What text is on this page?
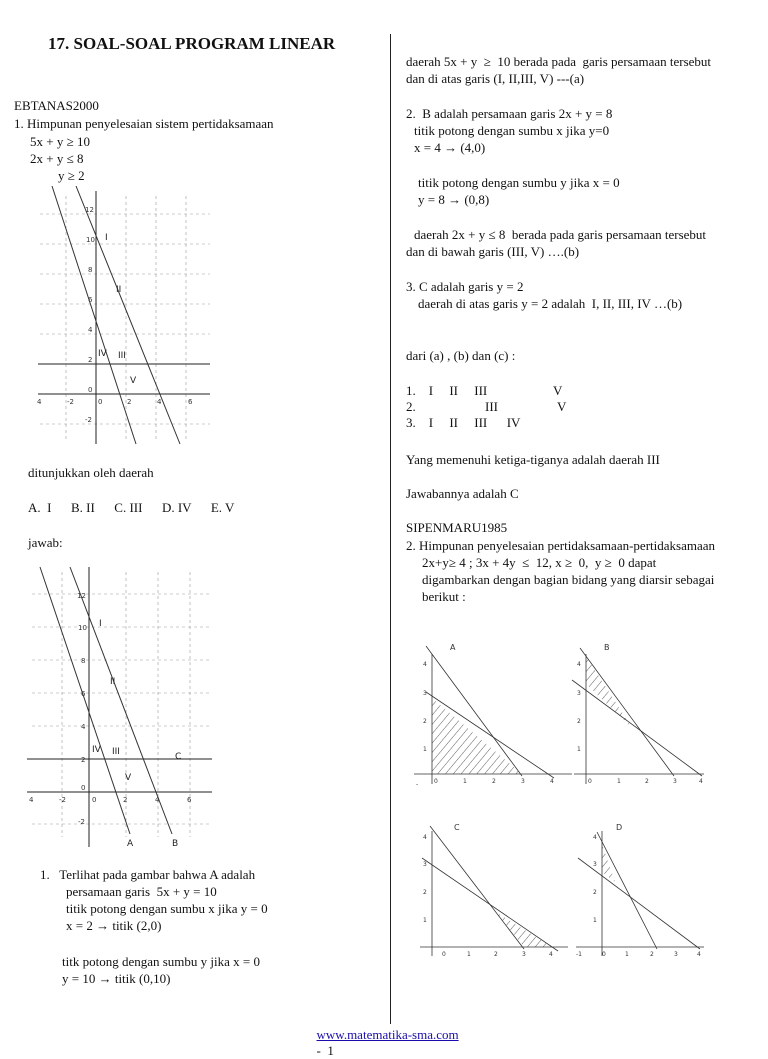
17. SOAL-SOAL PROGRAM LINEAR
EBTANAS2000
1. Himpunan penyelesaian sistem pertidaksamaan
5x + y ≥ 10
2x + y ≤ 8
y ≥ 2
4	-2	0	2	4	6
12
10
8
6
4
2
0
-2
I
II
IV III
V
ditunjukkan oleh daerah
A.  I      B. II      C. III      D. IV      E. V
jawab:
4	-2	0	2	4	6
12
10
8
6
4
2
0
-2
I
II
IV III
V
A	B
C
1.   Terlihat pada gambar bahwa A adalah
persamaan garis  5x + y = 10
titik potong dengan sumbu x jika y = 0
x = 2 → titik (2,0)
titk potong dengan sumbu y jika x = 0
y = 10 → titik (0,10)
daerah 5x + y  ≥  10 berada pada  garis persamaan tersebut
dan di atas garis (I, II,III, V) ---(a)
2.  B adalah persamaan garis 2x + y = 8
titik potong dengan sumbu x jika y=0
x = 4 → (4,0)
titik potong dengan sumbu y jika x = 0
y = 8 → (0,8)
daerah 2x + y ≤ 8  berada pada garis persamaan tersebut
dan di bawah garis (III, V) ….(b)
3. C adalah garis y = 2
daerah di atas garis y = 2 adalah  I, II, III, IV …(b)
dari (a) , (b) dan (c) :
1.    I     II     III	V
2.	III	V
3.    I     II     III      IV
Yang memenuhi ketiga-tiganya adalah daerah III
Jawabannya adalah C
SIPENMARU1985
2. Himpunan penyelesaian pertidaksamaan-pertidaksamaan
2x+y≥ 4 ; 3x + 4y  ≤  12, x ≥  0,  y ≥  0 dapat
digambarkan dengan bagian bidang yang diarsir sebagai
berikut :
A
4
3
2
1
0	1	2	3	4
-
B
4
3
2
1
0	1	2	3	4
C
4
3
2
1
0	1	2	3	4
D
4
3
2
1
-1	0	1	2	3	4

www.matematika-sma.com
-  1
